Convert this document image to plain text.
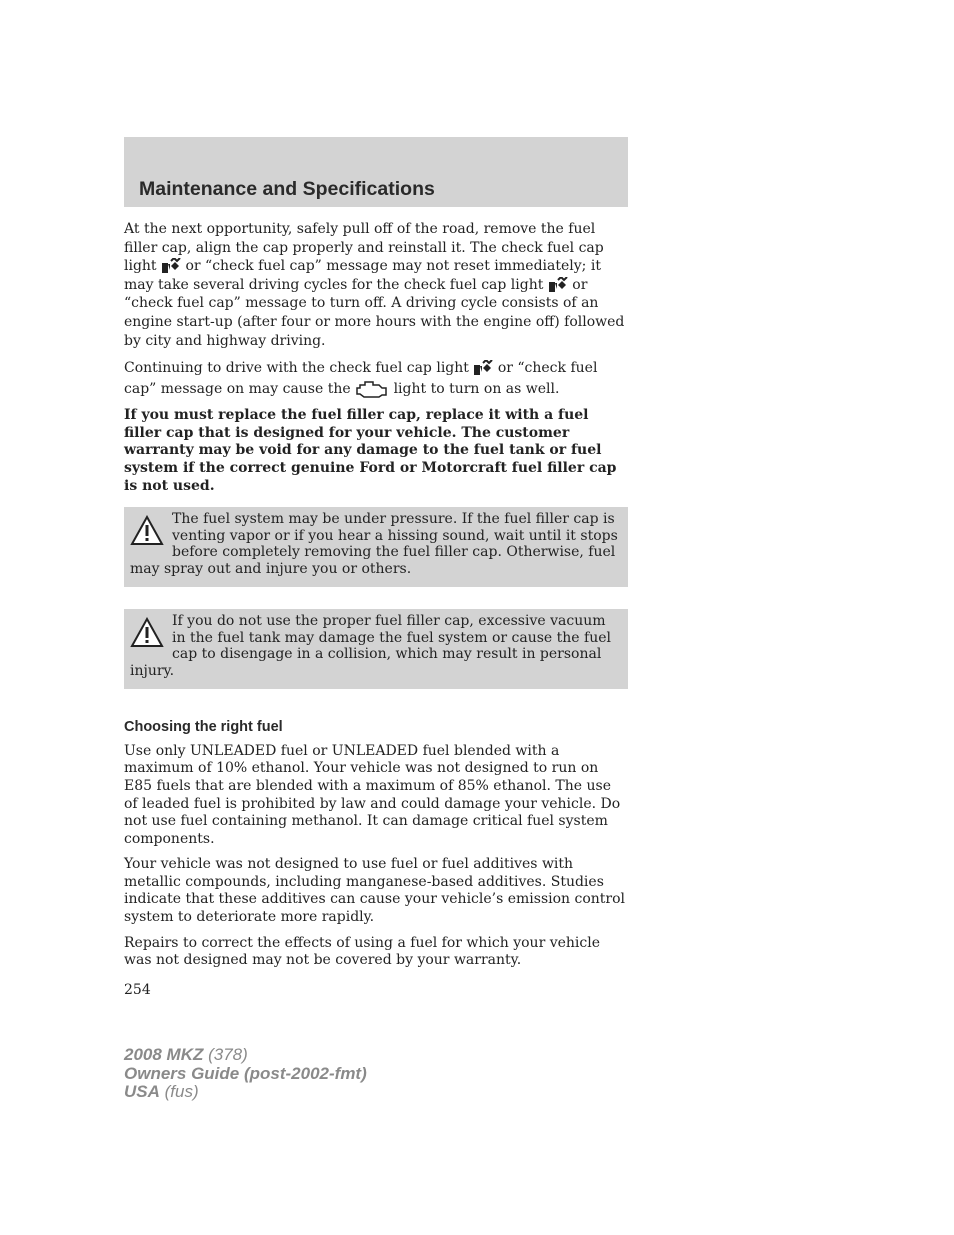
Maintenance and Specifications

At the next opportunity, safely pull off of the road, remove the fuel filler cap, align the cap properly and reinstall it. The check fuel cap light or “check fuel cap” message may not reset immediately; it may take several driving cycles for the check fuel cap light or “check fuel cap” message to turn off. A driving cycle consists of an engine start-up (after four or more hours with the engine off) followed by city and highway driving.

Continuing to drive with the check fuel cap light or “check fuel cap” message on may cause the	light to turn on as well.

If you must replace the fuel filler cap, replace it with a fuel filler cap that is designed for your vehicle. The customer warranty may be void for any damage to the fuel tank or fuel system if the correct genuine Ford or Motorcraft fuel filler cap is not used.

The fuel system may be under pressure. If the fuel filler cap is venting vapor or if you hear a hissing sound, wait until it stops before completely removing the fuel filler cap. Otherwise, fuel may spray out and injure you or others.
If you do not use the proper fuel filler cap, excessive vacuum in the fuel tank may damage the fuel system or cause the fuel cap to disengage in a collision, which may result in personal injury.
Choosing the right fuel

Use only UNLEADED fuel or UNLEADED fuel blended with a maximum of 10% ethanol. Your vehicle was not designed to run on E85 fuels that are blended with a maximum of 85% ethanol. The use of leaded fuel is prohibited by law and could damage your vehicle. Do not use fuel containing methanol. It can damage critical fuel system components.

Your vehicle was not designed to use fuel or fuel additives with metallic compounds, including manganese-based additives. Studies indicate that these additives can cause your vehicle’s emission control system to deteriorate more rapidly.

Repairs to correct the effects of using a fuel for which your vehicle was not designed may not be covered by your warranty.

254
2008 MKZ (378)
Owners Guide (post-2002-fmt)
USA (fus)
